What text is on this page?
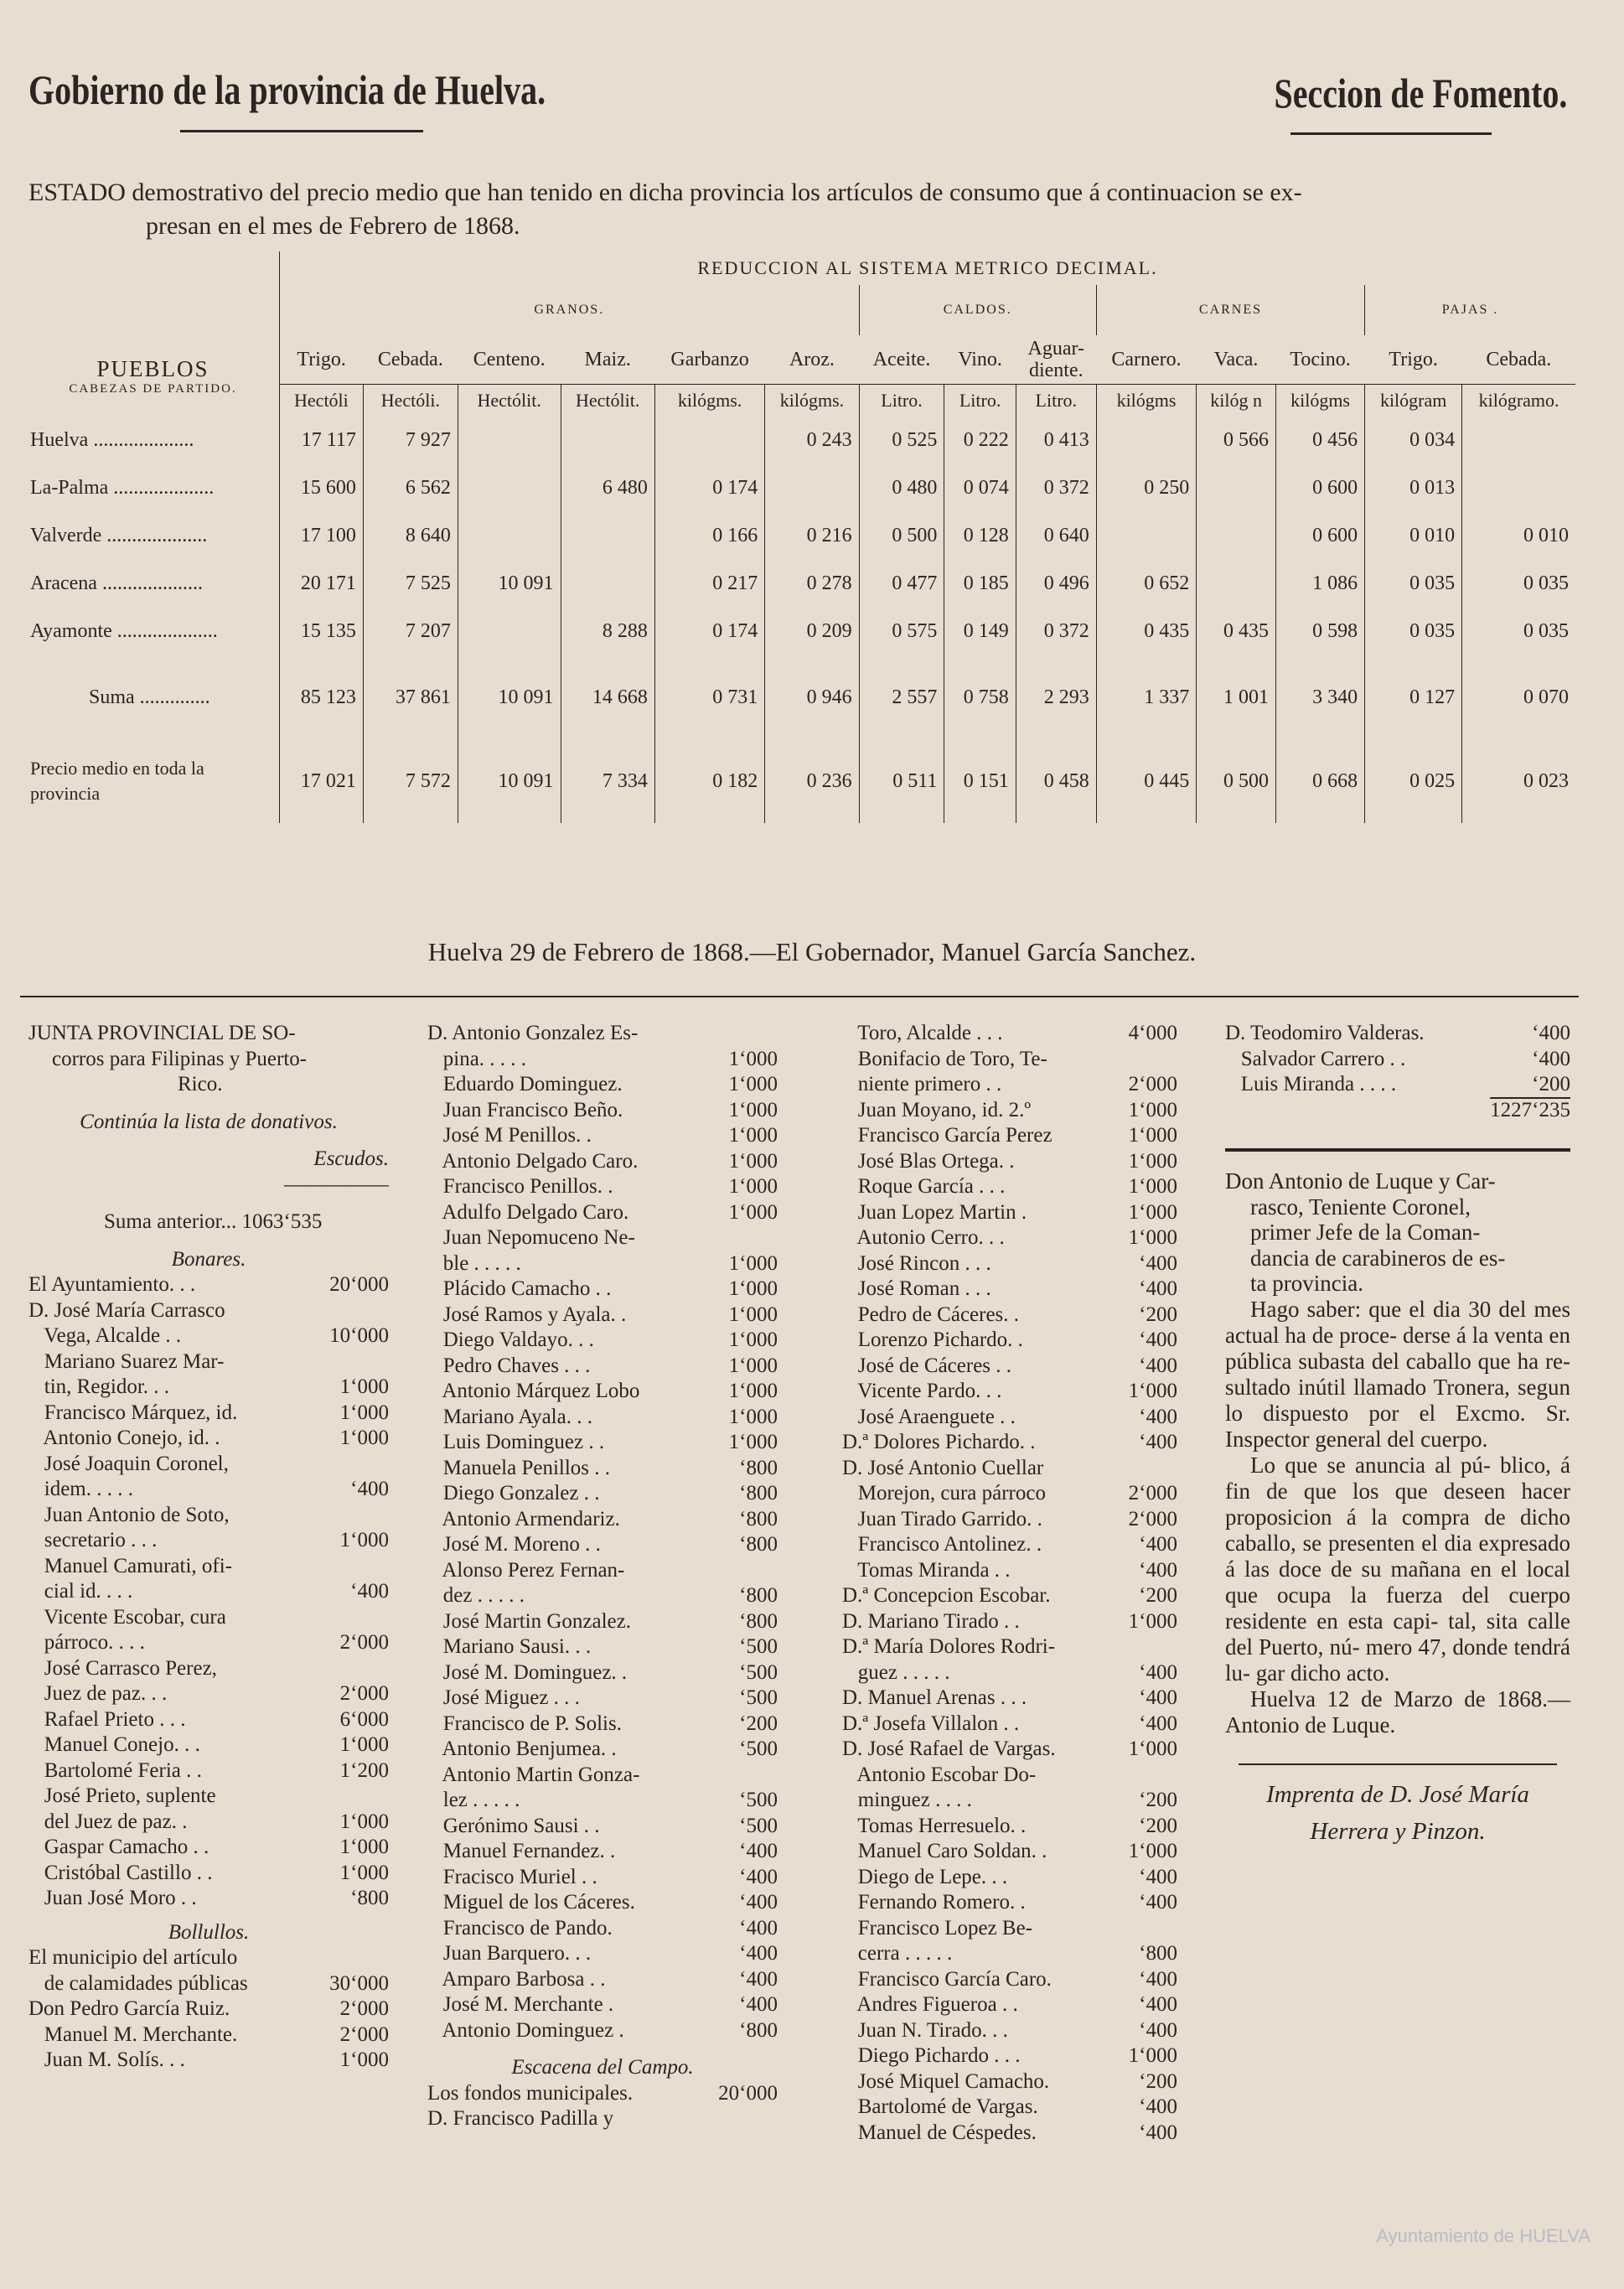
Gobierno de la provincia de Huelva.	Seccion de Fomento.
ESTADO demostrativo del precio medio que han tenido en dicha provincia los artículos de consumo que á continuacion se ex-
presan en el mes de Febrero de 1868.
	REDUCCION AL SISTEMA METRICO DECIMAL.													
	GRANOS.						CALDOS.			CARNES			PAJAS .	

PUEBLOS
CABEZAS DE PARTIDO.	Trigo.	Cebada.	Centeno.	Maiz.	Garbanzo	Aroz.	Aceite.	Vino.	Aguar-diente.	Carnero.	Vaca.	Tocino.	Trigo.	Cebada.
	Hectóli	Hectóli.	Hectólit.	Hectólit.	kilógms.	kilógms.	Litro.	Litro.	Litro.	kilógms	kilóg n	kilógms	kilógram	kilógramo.
Huelva ....................	17 117	7 927				0 243	0 525	0 222	0 413		0 566	0 456	0 034	
La-Palma ....................	15 600	6 562		6 480	0 174		0 480	0 074	0 372	0 250		0 600	0 013	
Valverde ....................	17 100	8 640			0 166	0 216	0 500	0 128	0 640			0 600	0 010	0 010
Aracena ....................	20 171	7 525	10 091		0 217	0 278	0 477	0 185	0 496	0 652		1 086	0 035	0 035
Ayamonte ....................	15 135	7 207		8 288	0 174	0 209	0 575	0 149	0 372	0 435	0 435	0 598	0 035	0 035
Suma ..............	85 123	37 861	10 091	14 668	0 731	0 946	2 557	0 758	2 293	1 337	1 001	3 340	0 127	0 070

Precio medio en toda la
provincia	17 021	7 572	10 091	7 334	0 182	0 236	0 511	0 151	0 458	0 445	0 500	0 668	0 025	0 023
Huelva 29 de Febrero de 1868.—El Gobernador, Manuel García Sanchez.

JUNTA PROVINCIAL DE SO-

corros para Filipinas y Puerto-

Rico.

Continúa la lista de donativos.

Escudos.

—————

Suma anterior... 1063‘535

Bonares.

El Ayuntamiento. . .	20‘000
D. José María Carrasco
Vega, Alcalde . .	10‘000
Mariano Suarez Mar-
tin, Regidor. . .	1‘000
Francisco Márquez, id.	1‘000
Antonio Conejo, id. .	1‘000
José Joaquin Coronel,
idem. . . . .	‘400
Juan Antonio de Soto,
secretario . . .	1‘000
Manuel Camurati, ofi-
cial id. . . .	‘400
Vicente Escobar, cura
párroco. . . .	2‘000
José Carrasco Perez,
Juez de paz. . .	2‘000
Rafael Prieto . . .	6‘000
Manuel Conejo. . .	1‘000
Bartolomé Feria . .	1‘200
José Prieto, suplente
del Juez de paz. .	1‘000
Gaspar Camacho . .	1‘000
Cristóbal Castillo . .	1‘000
Juan José Moro . .	‘800

Bollullos.

El municipio del artículo
de calamidades públicas	30‘000
Don Pedro García Ruiz.	2‘000
Manuel M. Merchante.	2‘000
Juan M. Solís. . .	1‘000
D. Antonio Gonzalez Es-
pina. . . . .	1‘000
Eduardo Dominguez.	1‘000
Juan Francisco Beño.	1‘000
José M Penillos. .	1‘000
Antonio Delgado Caro.	1‘000
Francisco Penillos. .	1‘000
Adulfo Delgado Caro.	1‘000
Juan Nepomuceno Ne-
ble . . . . .	1‘000
Plácido Camacho . .	1‘000
José Ramos y Ayala. .	1‘000
Diego Valdayo. . .	1‘000
Pedro Chaves . . .	1‘000
Antonio Márquez Lobo	1‘000
Mariano Ayala. . .	1‘000
Luis Dominguez . .	1‘000
Manuela Penillos . .	‘800
Diego Gonzalez . .	‘800
Antonio Armendariz.	‘800
José M. Moreno . .	‘800
Alonso Perez Fernan-
dez . . . . .	‘800
José Martin Gonzalez.	‘800
Mariano Sausi. . .	‘500
José M. Dominguez. .	‘500
José Miguez . . .	‘500
Francisco de P. Solis.	‘200
Antonio Benjumea. .	‘500
Antonio Martin Gonza-
lez . . . . .	‘500
Gerónimo Sausi . .	‘500
Manuel Fernandez. .	‘400
Fracisco Muriel . .	‘400
Miguel de los Cáceres.	‘400
Francisco de Pando.	‘400
Juan Barquero. . .	‘400
Amparo Barbosa . .	‘400
José M. Merchante .	‘400
Antonio Dominguez .	‘800

Escacena del Campo.

Los fondos municipales.	20‘000
D. Francisco Padilla y
Toro, Alcalde . . .	4‘000
Bonifacio de Toro, Te-
niente primero . .	2‘000
Juan Moyano, id. 2.º	1‘000
Francisco García Perez	1‘000
José Blas Ortega. .	1‘000
Roque García . . .	1‘000
Juan Lopez Martin .	1‘000
Autonio Cerro. . .	1‘000
José Rincon . . .	‘400
José Roman . . .	‘400
Pedro de Cáceres. .	‘200
Lorenzo Pichardo. .	‘400
José de Cáceres . .	‘400
Vicente Pardo. . .	1‘000
José Araenguete . .	‘400
D.ª Dolores Pichardo. .	‘400
D. José Antonio Cuellar
Morejon, cura párroco	2‘000
Juan Tirado Garrido. .	2‘000
Francisco Antolinez. .	‘400
Tomas Miranda . .	‘400
D.ª Concepcion Escobar.	‘200
D. Mariano Tirado . .	1‘000
D.ª María Dolores Rodri-
guez . . . . .	‘400
D. Manuel Arenas . . .	‘400
D.ª Josefa Villalon . .	‘400
D. José Rafael de Vargas.	1‘000
Antonio Escobar Do-
minguez . . . .	‘200
Tomas Herresuelo. .	‘200
Manuel Caro Soldan. .	1‘000
Diego de Lepe. . .	‘400
Fernando Romero. .	‘400
Francisco Lopez Be-
cerra . . . . .	‘800
Francisco García Caro.	‘400
Andres Figueroa . .	‘400
Juan N. Tirado. . .	‘400
Diego Pichardo . . .	1‘000
José Miquel Camacho.	‘200
Bartolomé de Vargas.	‘400
Manuel de Céspedes.	‘400
D. Teodomiro Valderas.	‘400
Salvador Carrero . .	‘400
Luis Miranda . . . .	‘200

1227‘235

Don Antonio de Luque y Car-

rasco, Teniente Coronel,

primer Jefe de la Coman-

dancia de carabineros de es-

ta provincia.

Hago saber: que el dia 30 del mes actual ha de proce- derse á la venta en pública subasta del caballo que ha re- sultado inútil llamado Tronera, segun lo dispuesto por el Excmo. Sr. Inspector general del cuerpo.

Lo que se anuncia al pú- blico, á fin de que los que deseen hacer proposicion á la compra de dicho caballo, se presenten el dia expresado á las doce de su mañana en el local que ocupa la fuerza del cuerpo residente en esta capi- tal, sita calle del Puerto, nú- mero 47, donde tendrá lu- gar dicho acto.

Huelva 12 de Marzo de 1868.—Antonio de Luque.

Imprenta de D. José María

Herrera y Pinzon.

Ayuntamiento de HUELVA
